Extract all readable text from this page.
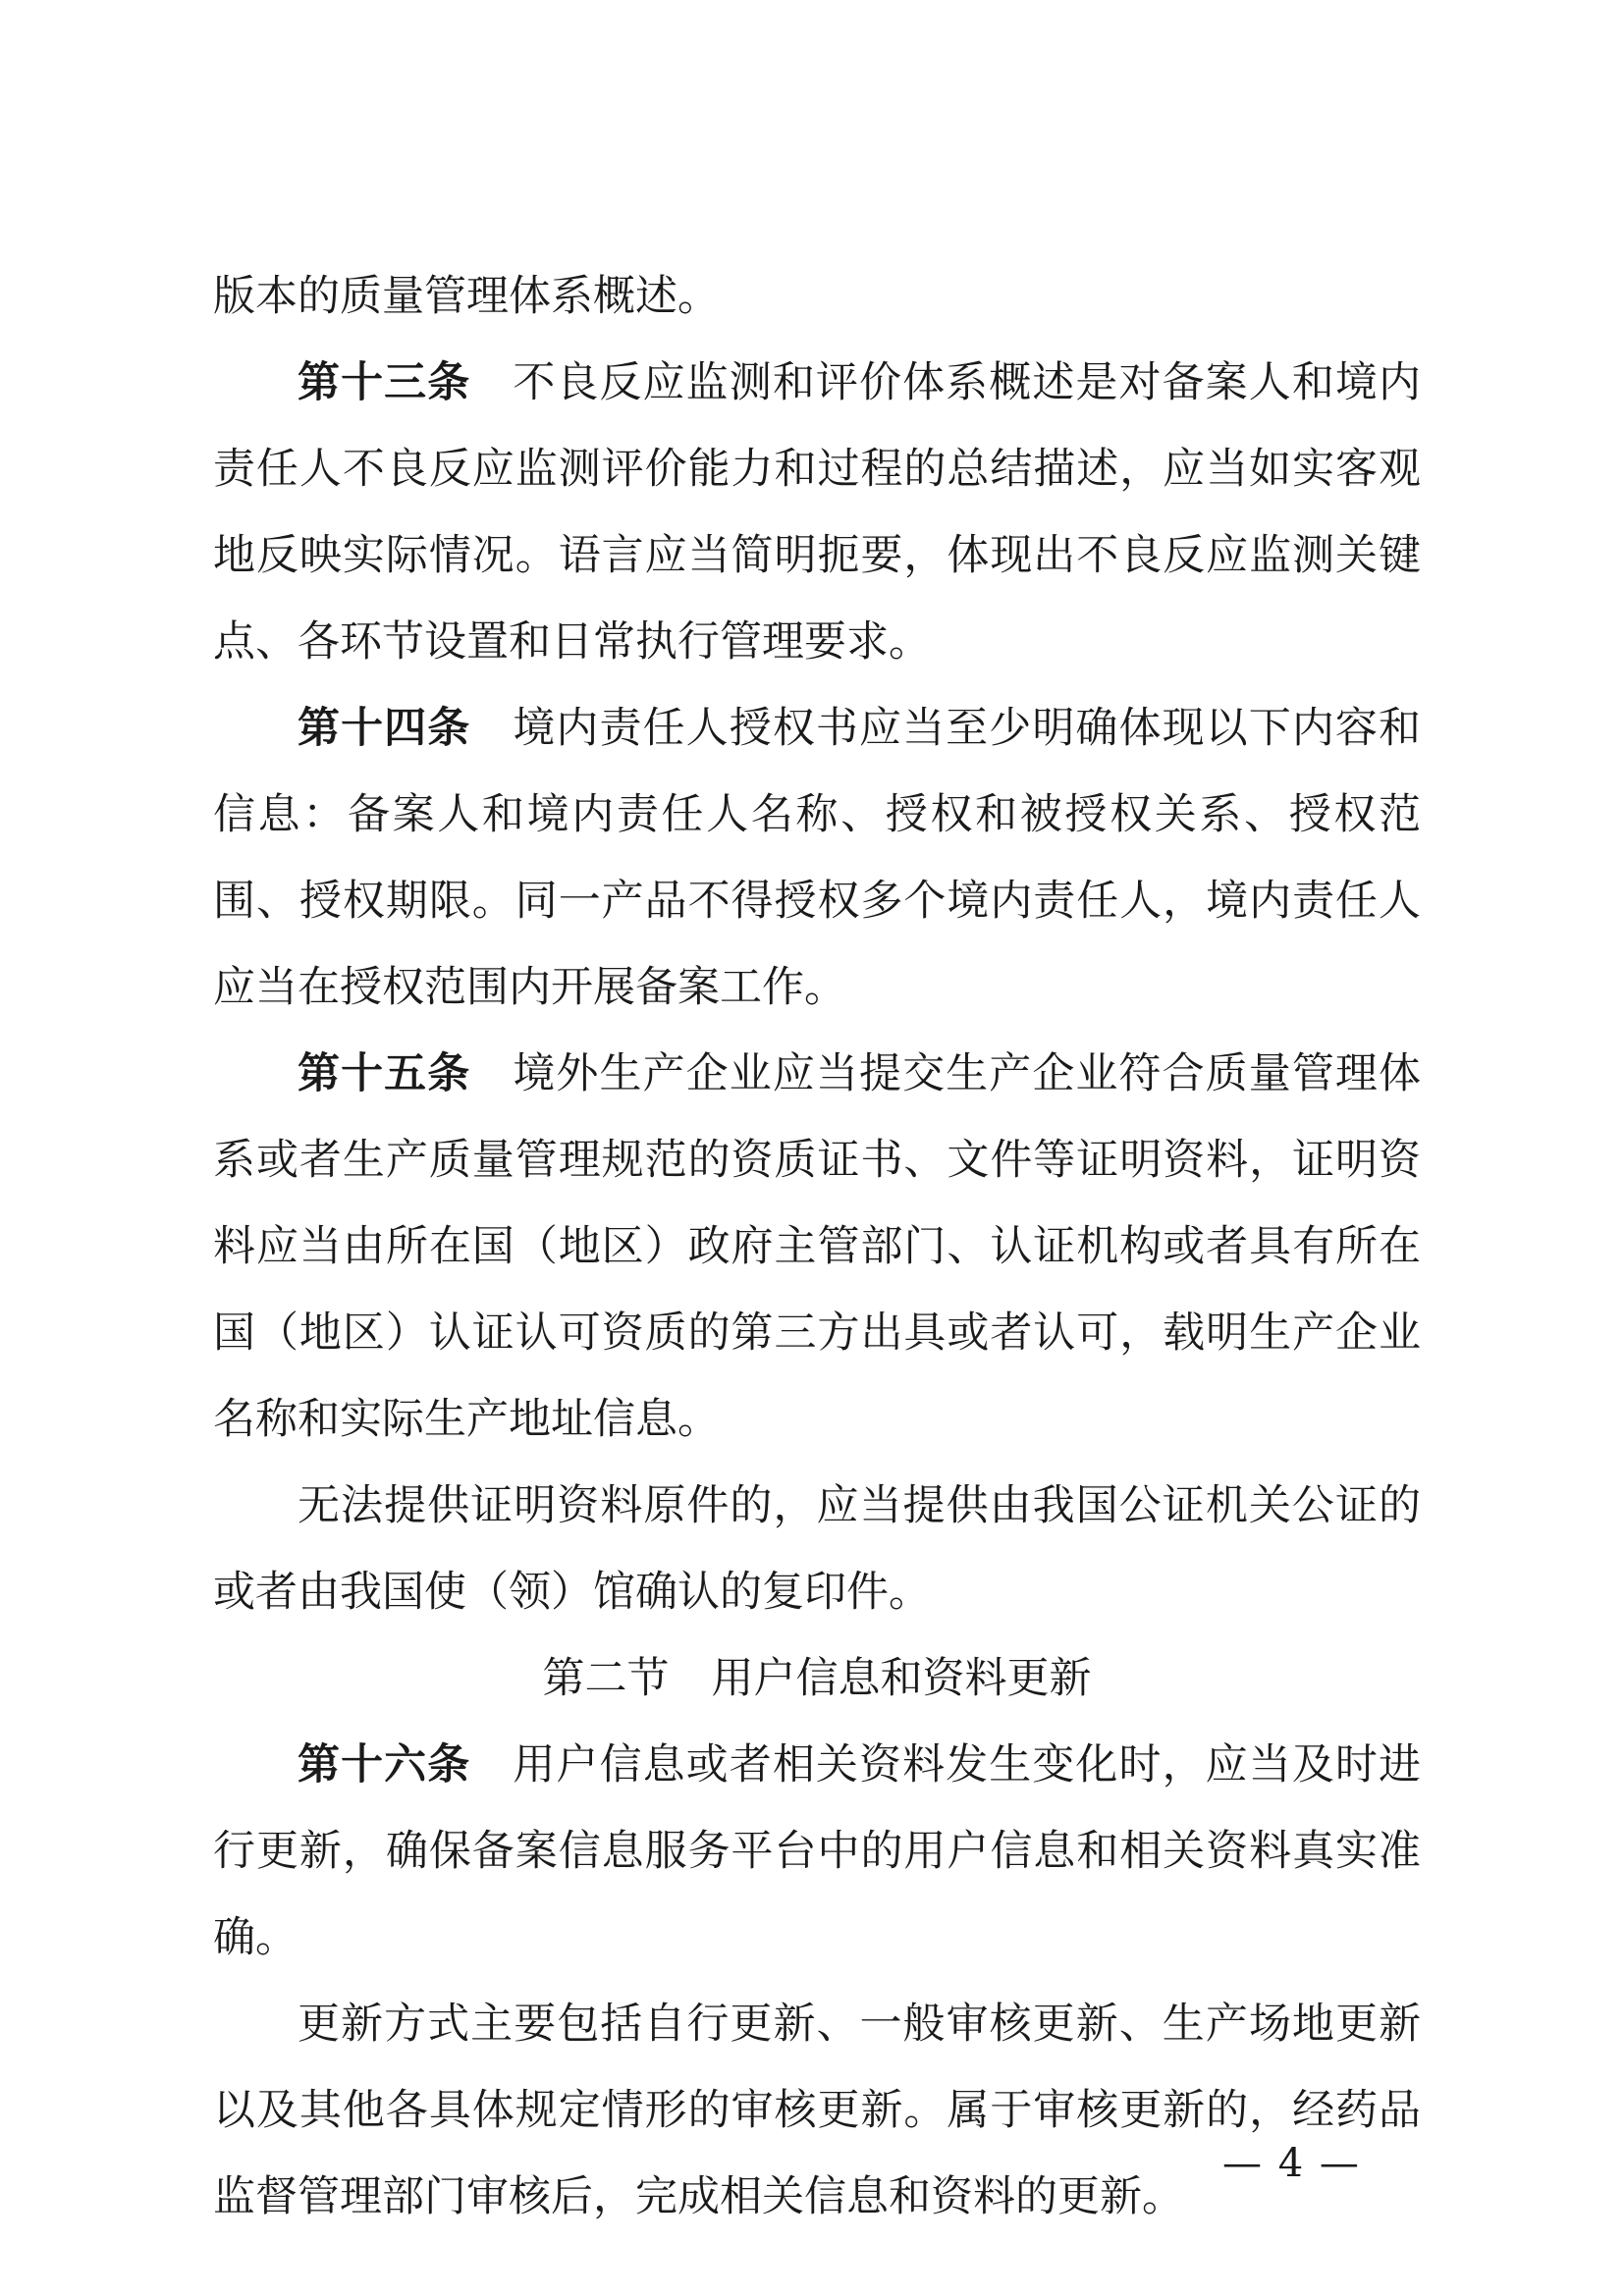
版本的质量管理体系概述。

第十三条 不良反应监测和评价体系概述是对备案人和境内责任人不良反应监测评价能力和过程的总结描述，应当如实客观地反映实际情况。语言应当简明扼要，体现出不良反应监测关键点、各环节设置和日常执行管理要求。

第十四条 境内责任人授权书应当至少明确体现以下内容和信息：备案人和境内责任人名称、授权和被授权关系、授权范围、授权期限。同一产品不得授权多个境内责任人，境内责任人应当在授权范围内开展备案工作。

第十五条 境外生产企业应当提交生产企业符合质量管理体系或者生产质量管理规范的资质证书、文件等证明资料，证明资料应当由所在国（地区）政府主管部门、认证机构或者具有所在国（地区）认证认可资质的第三方出具或者认可，载明生产企业名称和实际生产地址信息。

无法提供证明资料原件的，应当提供由我国公证机关公证的或者由我国使（领）馆确认的复印件。

第二节 用户信息和资料更新

第十六条 用户信息或者相关资料发生变化时，应当及时进行更新，确保备案信息服务平台中的用户信息和相关资料真实准确。

更新方式主要包括自行更新、一般审核更新、生产场地更新以及其他各具体规定情形的审核更新。属于审核更新的，经药品监督管理部门审核后，完成相关信息和资料的更新。

— 4 —
